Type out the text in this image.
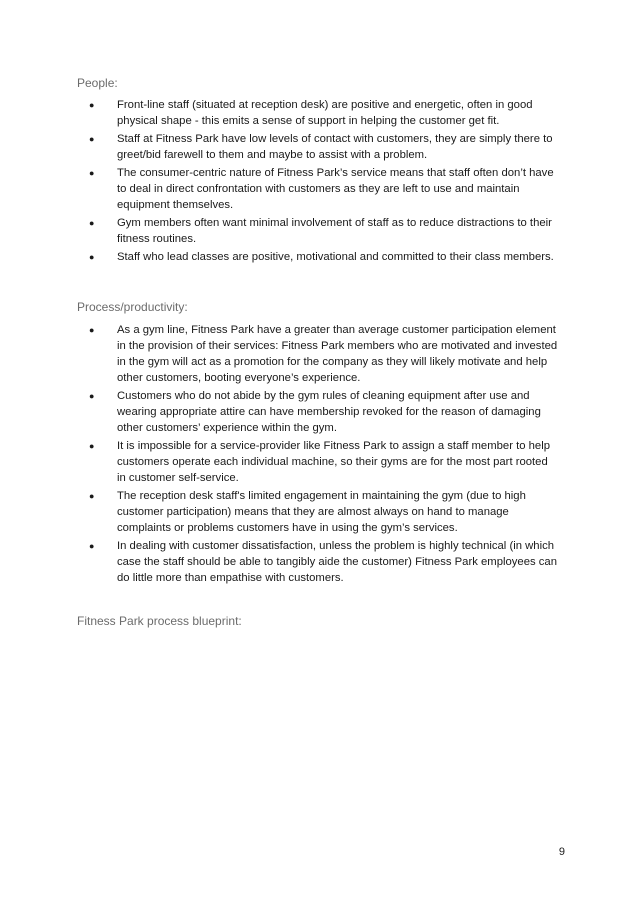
People:
●	Front-line staff (situated at reception desk) are positive and energetic, often in good physical shape - this emits a sense of support in helping the customer get fit.
●	Staff at Fitness Park have low levels of contact with customers, they are simply there to greet/bid farewell to them and maybe to assist with a problem.
●	The consumer-centric nature of Fitness Park’s service means that staff often don’t have to deal in direct confrontation with customers as they are left to use and maintain equipment themselves.
●	Gym members often want minimal involvement of staff as to reduce distractions to their fitness routines.
●	Staff who lead classes are positive, motivational and committed to their class members.
Process/productivity:
●	As a gym line, Fitness Park have a greater than average customer participation element in the provision of their services: Fitness Park members who are motivated and invested in the gym will act as a promotion for the company as they will likely motivate and help other customers, booting everyone’s experience.
●	Customers who do not abide by the gym rules of cleaning equipment after use and wearing appropriate attire can have membership revoked for the reason of damaging other customers’ experience within the gym.
●	It is impossible for a service-provider like Fitness Park to assign a staff member to help customers operate each individual machine, so their gyms are for the most part rooted in customer self-service.
●	The reception desk staff's limited engagement in maintaining the gym (due to high customer participation) means that they are almost always on hand to manage complaints or problems customers have in using the gym’s services.
●	In dealing with customer dissatisfaction, unless the problem is highly technical (in which case the staff should be able to tangibly aide the customer) Fitness Park employees can do little more than empathise with customers.
Fitness Park process blueprint:
9
